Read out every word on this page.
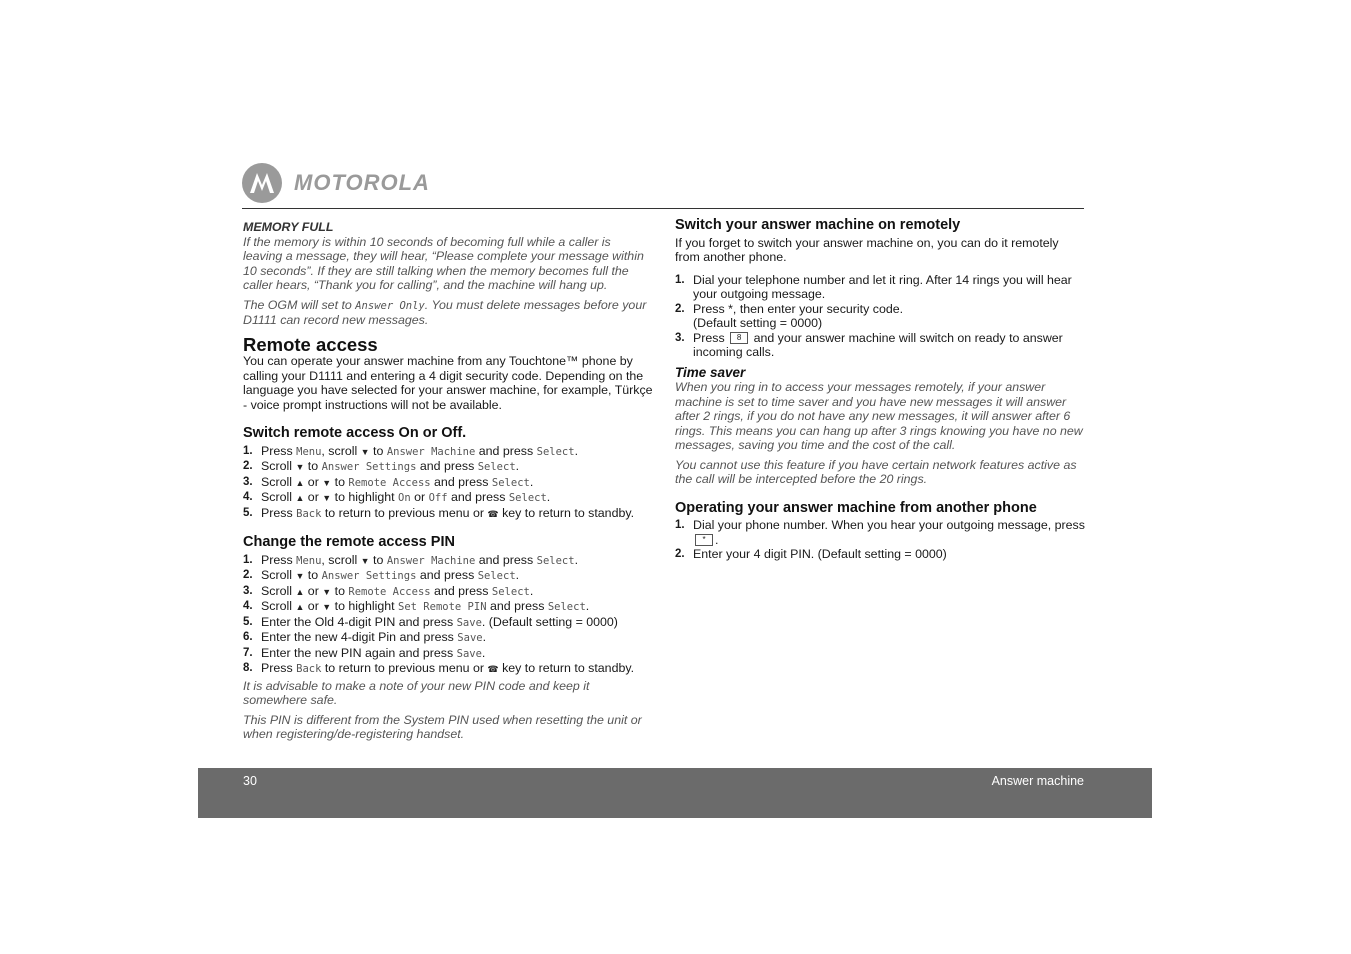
MOTOROLA
MEMORY FULL

If the memory is within 10 seconds of becoming full while a caller is leaving a message, they will hear, “Please complete your message within 10 seconds”. If they are still talking when the memory becomes full the caller hears, “Thank you for calling”, and the machine will hang up.

The OGM will set to Answer Only. You must delete messages before your D1111 can record new messages.

Remote access

You can operate your answer machine from any Touchtone™ phone by calling your D1111 and entering a 4 digit security code. Depending on the language you have selected for your answer machine, for example, Türkçe - voice prompt instructions will not be available.

Switch remote access On or Off.
1. Press Menu, scroll ▼ to Answer Machine and press Select.
2. Scroll ▼ to Answer Settings and press Select.
3. Scroll ▲ or ▼ to Remote Access and press Select.
4. Scroll ▲ or ▼ to highlight On or Off and press Select.
5. Press Back to return to previous menu or ☎ key to return to standby.
Change the remote access PIN
1. Press Menu, scroll ▼ to Answer Machine and press Select.
2. Scroll ▼ to Answer Settings and press Select.
3. Scroll ▲ or ▼ to Remote Access and press Select.
4. Scroll ▲ or ▼ to highlight Set Remote PIN and press Select.
5. Enter the Old 4-digit PIN and press Save. (Default setting = 0000)
6. Enter the new 4-digit Pin and press Save.
7. Enter the new PIN again and press Save.
8. Press Back to return to previous menu or ☎ key to return to standby.

It is advisable to make a note of your new PIN code and keep it somewhere safe.

This PIN is different from the System PIN used when resetting the unit or when registering/de-registering handset.

Switch your answer machine on remotely

If you forget to switch your answer machine on, you can do it remotely from another phone.

1. Dial your telephone number and let it ring. After 14 rings you will hear your outgoing message.
2. Press *, then enter your security code.
(Default setting = 0000)
3. Press 8 and your answer machine will switch on ready to answer incoming calls.
Time saver

When you ring in to access your messages remotely, if your answer machine is set to time saver and you have new messages it will answer after 2 rings, if you do not have any new messages, it will answer after 6 rings. This means you can hang up after 3 rings knowing you have no new messages, saving you time and the cost of the call.

You cannot use this feature if you have certain network features active as the call will be intercepted before the 20 rings.

Operating your answer machine from another phone
1. Dial your phone number. When you hear your outgoing message, press * .
2. Enter your 4 digit PIN. (Default setting = 0000)
30	Answer machine
